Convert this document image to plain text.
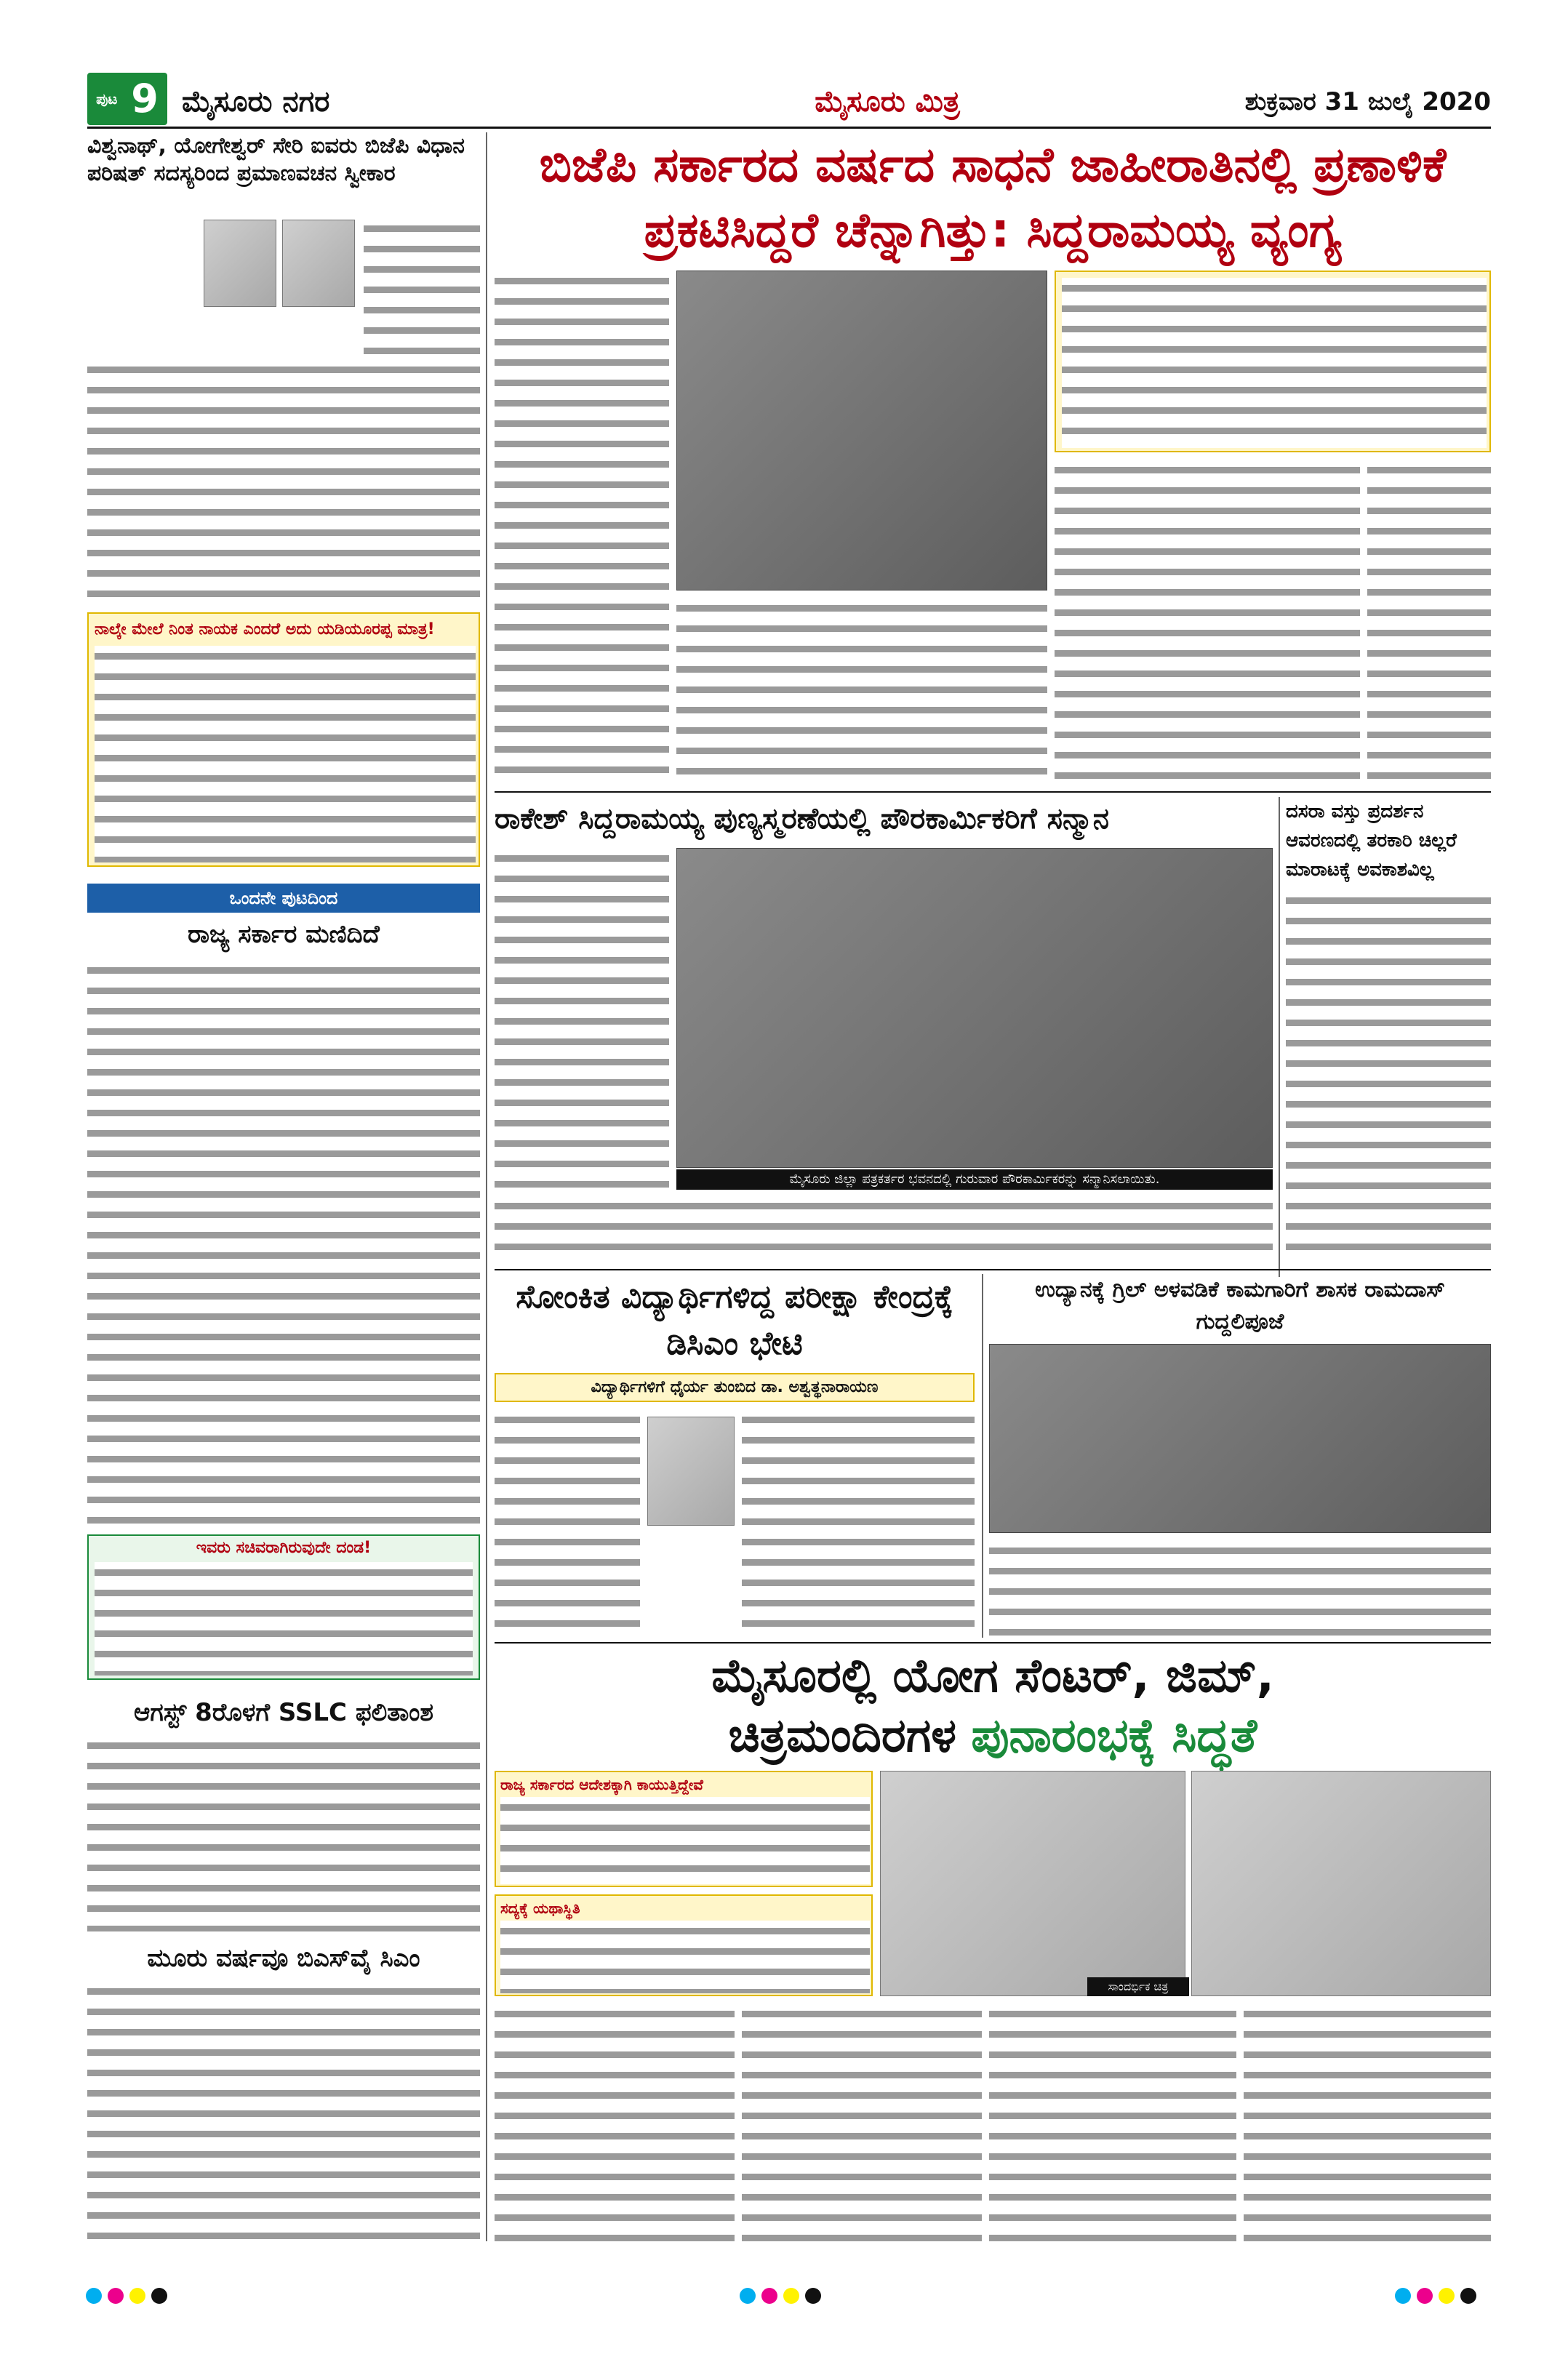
$^{ಪುಟ}$ 9 ಮೈಸೂರು ನಗರ	ಮೈಸೂರು ಮಿತ್ರ	ಶುಕ್ರವಾರ 31 ಜುಲೈ 2020
ವಿಶ್ವನಾಥ್, ಯೋಗೇಶ್ವರ್ ಸೇರಿ ಐವರು ಬಿಜೆಪಿ ವಿಧಾನ ಪರಿಷತ್ ಸದಸ್ಯರಿಂದ ಪ್ರಮಾಣವಚನ ಸ್ವೀಕಾರ
ನಾಲ್ಕೇ ಮೇಲೆ ನಿಂತ ನಾಯಕ ಎಂದರೆ ಅದು ಯಡಿಯೂರಪ್ಪ ಮಾತ್ರ!
ಒಂದನೇ ಪುಟದಿಂದ
ರಾಜ್ಯ ಸರ್ಕಾರ ಮಣಿದಿದೆ
ಇವರು ಸಚಿವರಾಗಿರುವುದೇ ದಂಡ!
ಆಗಸ್ಟ್ 8ರೊಳಗೆ SSLC ಫಲಿತಾಂಶ
ಮೂರು ವರ್ಷವೂ ಬಿಎಸ್‌ವೈ ಸಿಎಂ
ಬಿಜೆಪಿ ಸರ್ಕಾರದ ವರ್ಷದ ಸಾಧನೆ ಜಾಹೀರಾತಿನಲ್ಲಿ ಪ್ರಣಾಳಿಕೆ ಪ್ರಕಟಿಸಿದ್ದರೆ ಚೆನ್ನಾಗಿತ್ತು: ಸಿದ್ದರಾಮಯ್ಯ ವ್ಯಂಗ್ಯ
ರಾಕೇಶ್ ಸಿದ್ದರಾಮಯ್ಯ ಪುಣ್ಯಸ್ಮರಣೆಯಲ್ಲಿ ಪೌರಕಾರ್ಮಿಕರಿಗೆ ಸನ್ಮಾನ
ಮೈಸೂರು ಜಿಲ್ಲಾ ಪತ್ರಕರ್ತರ ಭವನದಲ್ಲಿ ಗುರುವಾರ ಪೌರಕಾರ್ಮಿಕರನ್ನು ಸನ್ಮಾನಿಸಲಾಯಿತು.
ದಸರಾ ವಸ್ತು ಪ್ರದರ್ಶನ ಆವರಣದಲ್ಲಿ ತರಕಾರಿ ಚಿಲ್ಲರೆ ಮಾರಾಟಕ್ಕೆ ಅವಕಾಶವಿಲ್ಲ
ಸೋಂಕಿತ ವಿದ್ಯಾರ್ಥಿಗಳಿದ್ದ ಪರೀಕ್ಷಾ ಕೇಂದ್ರಕ್ಕೆ ಡಿಸಿಎಂ ಭೇಟಿ
ವಿದ್ಯಾರ್ಥಿಗಳಿಗೆ ಧೈರ್ಯ ತುಂಬಿದ ಡಾ. ಅಶ್ವತ್ಥನಾರಾಯಣ
ಉದ್ಯಾನಕ್ಕೆ ಗ್ರಿಲ್ ಅಳವಡಿಕೆ ಕಾಮಗಾರಿಗೆ ಶಾಸಕ ರಾಮದಾಸ್ ಗುದ್ದಲಿಪೂಜೆ
ಮೈಸೂರಲ್ಲಿ ಯೋಗ ಸೆಂಟರ್, ಜಿಮ್,
ಚಿತ್ರಮಂದಿರಗಳ ಪುನಾರಂಭಕ್ಕೆ ಸಿದ್ಧತೆ
ರಾಜ್ಯ ಸರ್ಕಾರದ ಆದೇಶಕ್ಕಾಗಿ ಕಾಯುತ್ತಿದ್ದೇವೆ
ಸದ್ಯಕ್ಕೆ ಯಥಾಸ್ಥಿತಿ
ಸಾಂದರ್ಭಿಕ ಚಿತ್ರ
